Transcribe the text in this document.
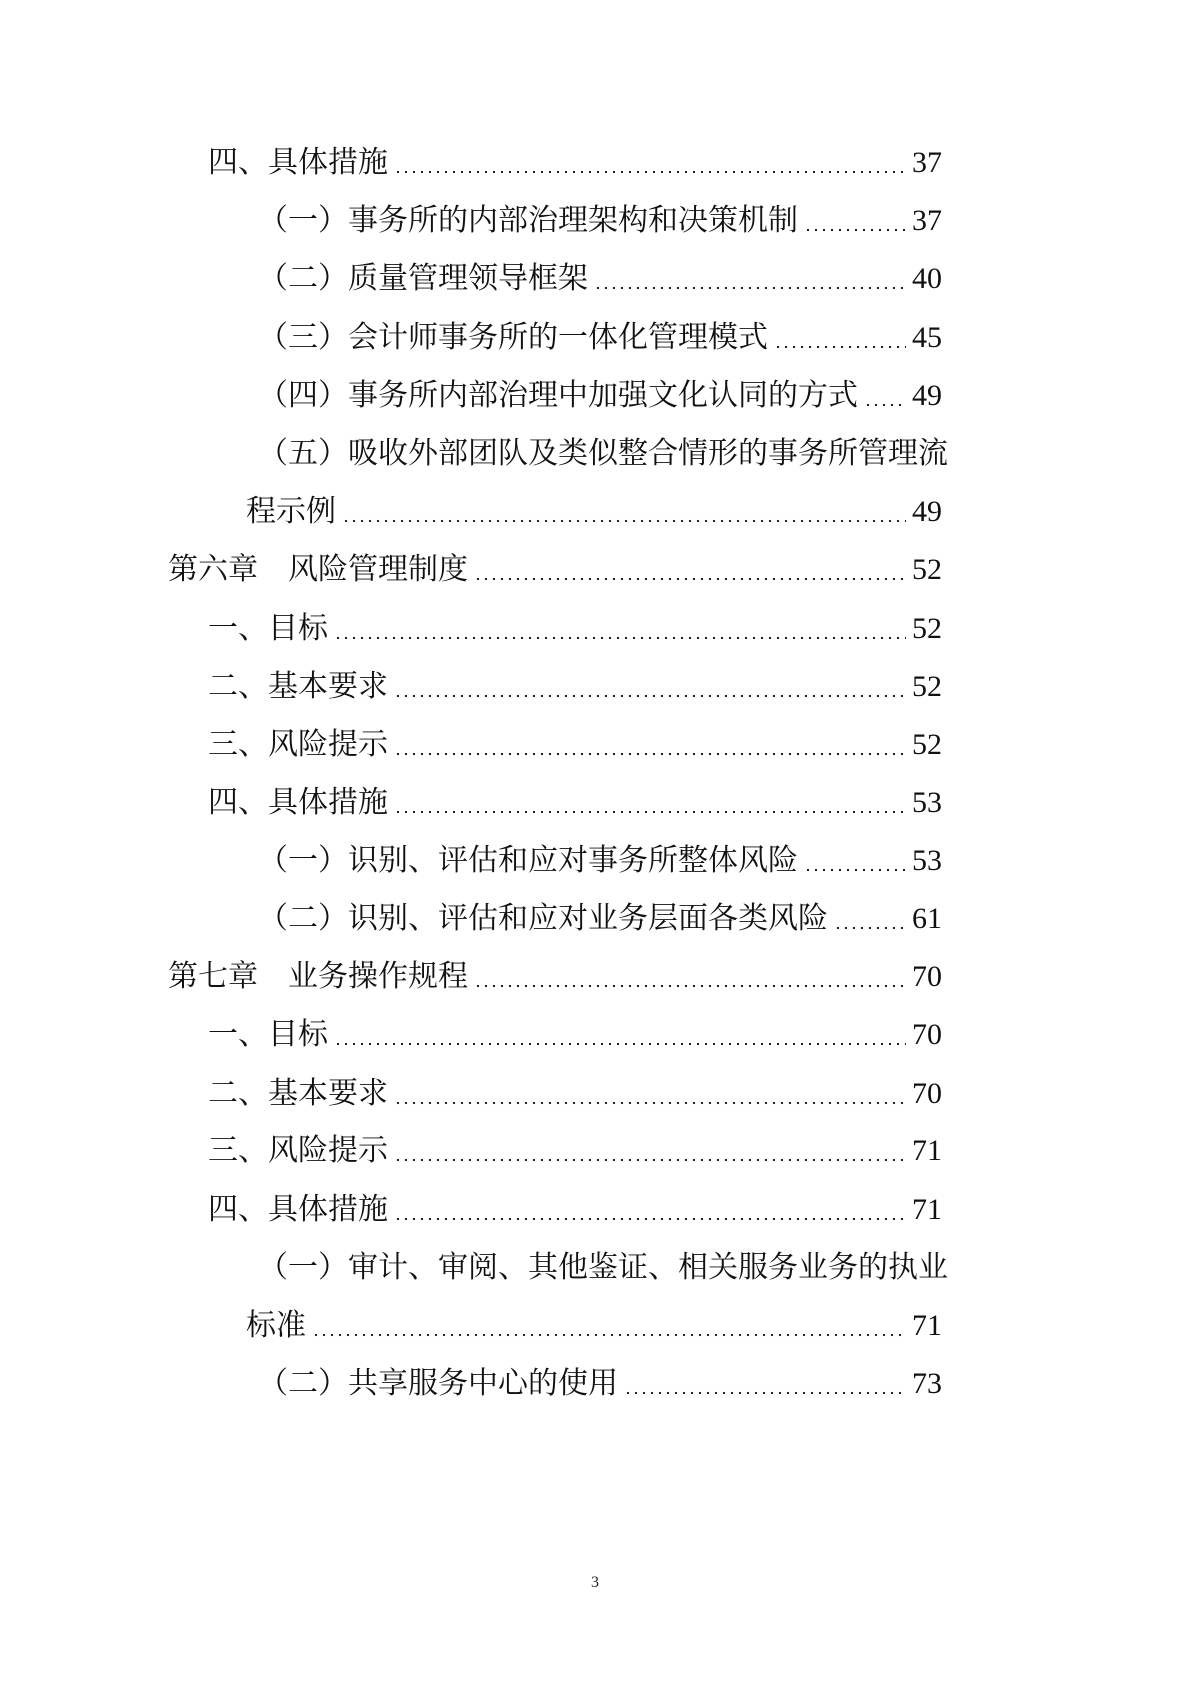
四、具体措施	37
（一）事务所的内部治理架构和决策机制	37
（二）质量管理领导框架	40
（三）会计师事务所的一体化管理模式	45
（四）事务所内部治理中加强文化认同的方式 49
（五）吸收外部团队及类似整合情形的事务所管理流
程示例	49
第六章　风险管理制度	52
一、目标	52
二、基本要求	52
三、风险提示	52
四、具体措施	53
（一）识别、评估和应对事务所整体风险	53
（二）识别、评估和应对业务层面各类风险	61
第七章　业务操作规程	70
一、目标	70
二、基本要求	70
三、风险提示	71
四、具体措施	71
（一）审计、审阅、其他鉴证、相关服务业务的执业
标准	71
（二）共享服务中心的使用	73
3
